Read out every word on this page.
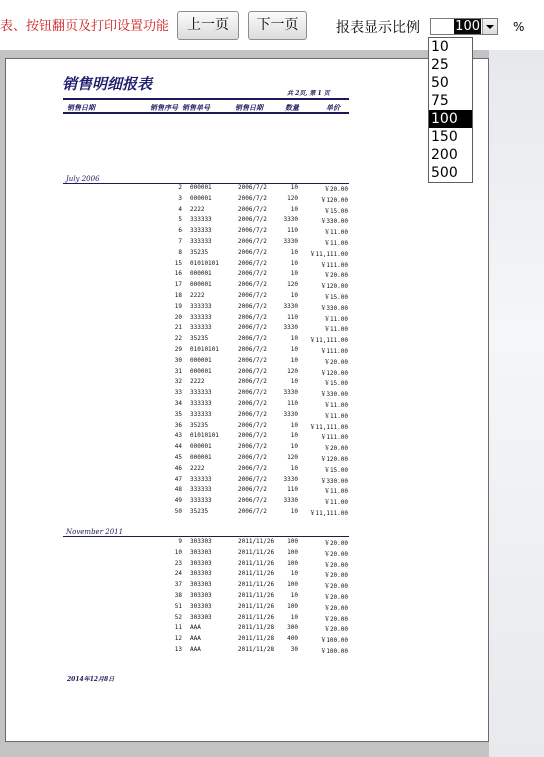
表、按钮翻页及打印设置功能	上一页	下一页	报表显示比例	100	%
10
25
50
75
100
150
200
500
销售明细报表
共 2页, 第 1 页
销售日期	销售序号 销售单号	销售日期	数量	单价
July 2006
2 000001	2006/7/2	10	￥20.00
3 000001	2006/7/2	120	￥120.00
4 2222	2006/7/2	10	￥15.00
5 333333	2006/7/2	3330	￥330.00
6 333333	2006/7/2	110	￥11.00
7 333333	2006/7/2	3330	￥11.00
8 35235	2006/7/2	10	￥11,111.00
15 01010101	2006/7/2	10	￥111.00
16 000001	2006/7/2	10	￥20.00
17 000001	2006/7/2	120	￥120.00
18 2222	2006/7/2	10	￥15.00
19 333333	2006/7/2	3330	￥330.00
20 333333	2006/7/2	110	￥11.00
21 333333	2006/7/2	3330	￥11.00
22 35235	2006/7/2	10	￥11,111.00
29 01010101	2006/7/2	10	￥111.00
30 000001	2006/7/2	10	￥20.00
31 000001	2006/7/2	120	￥120.00
32 2222	2006/7/2	10	￥15.00
33 333333	2006/7/2	3330	￥330.00
34 333333	2006/7/2	110	￥11.00
35 333333	2006/7/2	3330	￥11.00
36 35235	2006/7/2	10	￥11,111.00
43 01010101	2006/7/2	10	￥111.00
44 000001	2006/7/2	10	￥20.00
45 000001	2006/7/2	120	￥120.00
46 2222	2006/7/2	10	￥15.00
47 333333	2006/7/2	3330	￥330.00
48 333333	2006/7/2	110	￥11.00
49 333333	2006/7/2	3330	￥11.00
50 35235	2006/7/2	10	￥11,111.00
November 2011
9 303303	2011/11/26	100	￥20.00
10 303303	2011/11/26	100	￥20.00
23 303303	2011/11/26	100	￥20.00
24 303303	2011/11/26	10	￥20.00
37 303303	2011/11/26	100	￥20.00
38 303303	2011/11/26	10	￥20.00
51 303303	2011/11/26	100	￥20.00
52 303303	2011/11/26	10	￥20.00
11 AAA	2011/11/28	300	￥20.00
12 AAA	2011/11/28	400	￥100.00
13 AAA	2011/11/28	30	￥100.00
2014年12月8日
